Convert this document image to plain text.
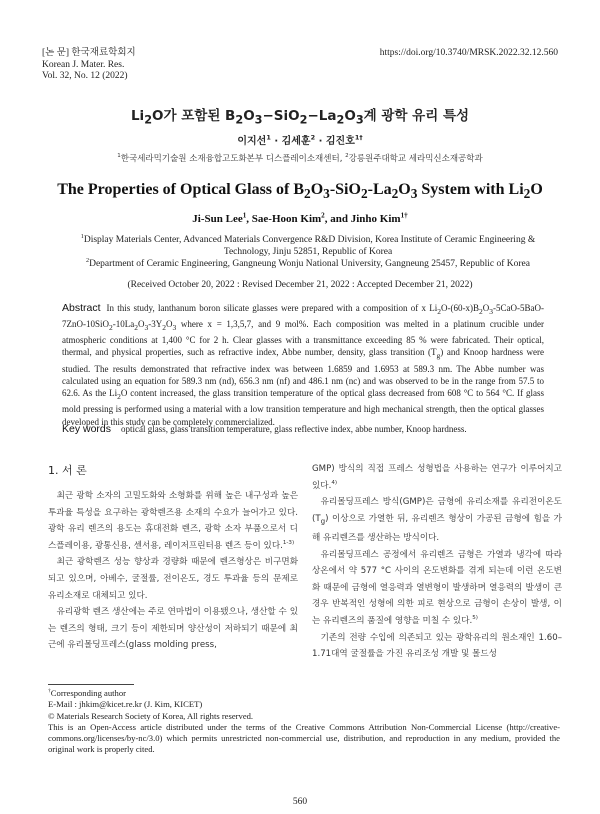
[논 문] 한국재료학회지
Korean J. Mater. Res.
Vol. 32, No. 12 (2022)
https://doi.org/10.3740/MRSK.2022.32.12.560
$Li_2O$가 포함된 $B_2O_3-SiO_2-La_2O_3$계 광학 유리 특성
이지선$^1$ · 김세훈$^2$ · 김진호$^{1\dagger}$
$^1$한국세라믹기술원 소재융합고도화본부 디스플레이소재센터, $^2$강릉원주대학교 세라믹신소재공학과
The Properties of Optical Glass of $B_2O_3-SiO_2-La_2O_3$ System with $Li_2O$
Ji-Sun Lee$^1$, Sae-Hoon Kim$^2$, and Jinho Kim$^{1\dagger}$
$^1$Display Materials Center, Advanced Materials Convergence R&D Division, Korea Institute of Ceramic Engineering & Technology, Jinju 52851, Republic of Korea
$^2$Department of Ceramic Engineering, Gangneung Wonju National University, Gangneung 25457, Republic of Korea
(Received October 20, 2022 : Revised December 21, 2022 : Accepted December 21, 2022)
Abstract In this study, lanthanum boron silicate glasses were prepared with a composition of x $Li_2O-(60-x)B_2O_3-5CaO-5BaO-7ZnO-10SiO_2-10La_2O_3-3Y_2O_3$ where x = 1,3,5,7, and 9 mol%. Each composition was melted in a platinum crucible under atmospheric conditions at 1,400 °C for 2 h. Clear glasses with a transmittance exceeding 85 % were fabricated. Their optical, thermal, and physical properties, such as refractive index, Abbe number, density, glass transition $(T_g)$ and Knoop hardness were studied. The results demonstrated that refractive index was between 1.6859 and 1.6953 at 589.3 nm. The Abbe number was calculated using an equation for 589.3 nm (nd), 656.3 nm (nf) and 486.1 nm (nc) and was observed to be in the range from 57.5 to 62.6. As the $Li_2O$ content increased, the glass transition temperature of the optical glass decreased from 608 °C to 564 °C. If glass mold pressing is performed using a material with a low transition temperature and high mechanical strength, then the optical glasses developed in this study can be completely commercialized.
Key words optical glass, glass transition temperature, glass reflective index, abbe number, Knoop hardness.
1. 서 론

최근 광학 소자의 고밀도화와 소형화를 위해 높은 내구성과 높은 투과율 특성을 요구하는 광학렌즈용 소재의 수요가 늘어가고 있다. 광학 유리 렌즈의 용도는 휴대전화 렌즈, 광학 소자 부품으로서 디스플레이용, 광통신용, 센서용, 레이저프린터용 렌즈 등이 있다.$^{1-3)}$

최근 광학렌즈 성능 향상과 경량화 때문에 렌즈형상은 비구면화 되고 있으며, 아베수, 굴절률, 전이온도, 경도 투과율 등의 문제로 유리소재로 대체되고 있다.

유리광학 렌즈 생산에는 주로 연마법이 이용됐으나, 생산할 수 있는 렌즈의 형태, 크기 등이 제한되며 양산성이 저하되기 때문에 최근에 유리몰딩프레스(glass molding press,

GMP) 방식의 직접 프레스 성형법을 사용하는 연구가 이루어지고 있다.$^{4)}$

유리몰딩프레스 방식(GMP)은 금형에 유리소재를 유리전이온도$(T_g)$ 이상으로 가열한 뒤, 유리렌즈 형상이 가공된 금형에 힘을 가해 유리렌즈를 생산하는 방식이다.

유리몰딩프레스 공정에서 유리렌즈 금형은 가열과 냉각에 따라 상온에서 약 577 °C 사이의 온도변화를 겪게 되는데 이런 온도변화 때문에 금형에 열응력과 열변형이 발생하며 열응력의 발생이 큰 경우 반복적인 성형에 의한 피로 현상으로 금형이 손상이 발생, 이는 유리렌즈의 품질에 영향을 미칠 수 있다.$^{5)}$

기존의 전량 수입에 의존되고 있는 광학유리의 원소재인 1.60–1.71대역 굴절률을 가진 유리조성 개발 및 몰드성

†Corresponding author
E-Mail : jhkim@kicet.re.kr (J. Kim, KICET)
© Materials Research Society of Korea, All rights reserved.
This is an Open-Access article distributed under the terms of the Creative Commons Attribution Non-Commercial License (http://creative-commons.org/licenses/by-nc/3.0) which permits unrestricted non-commercial use, distribution, and reproduction in any medium, provided the original work is properly cited.
560
